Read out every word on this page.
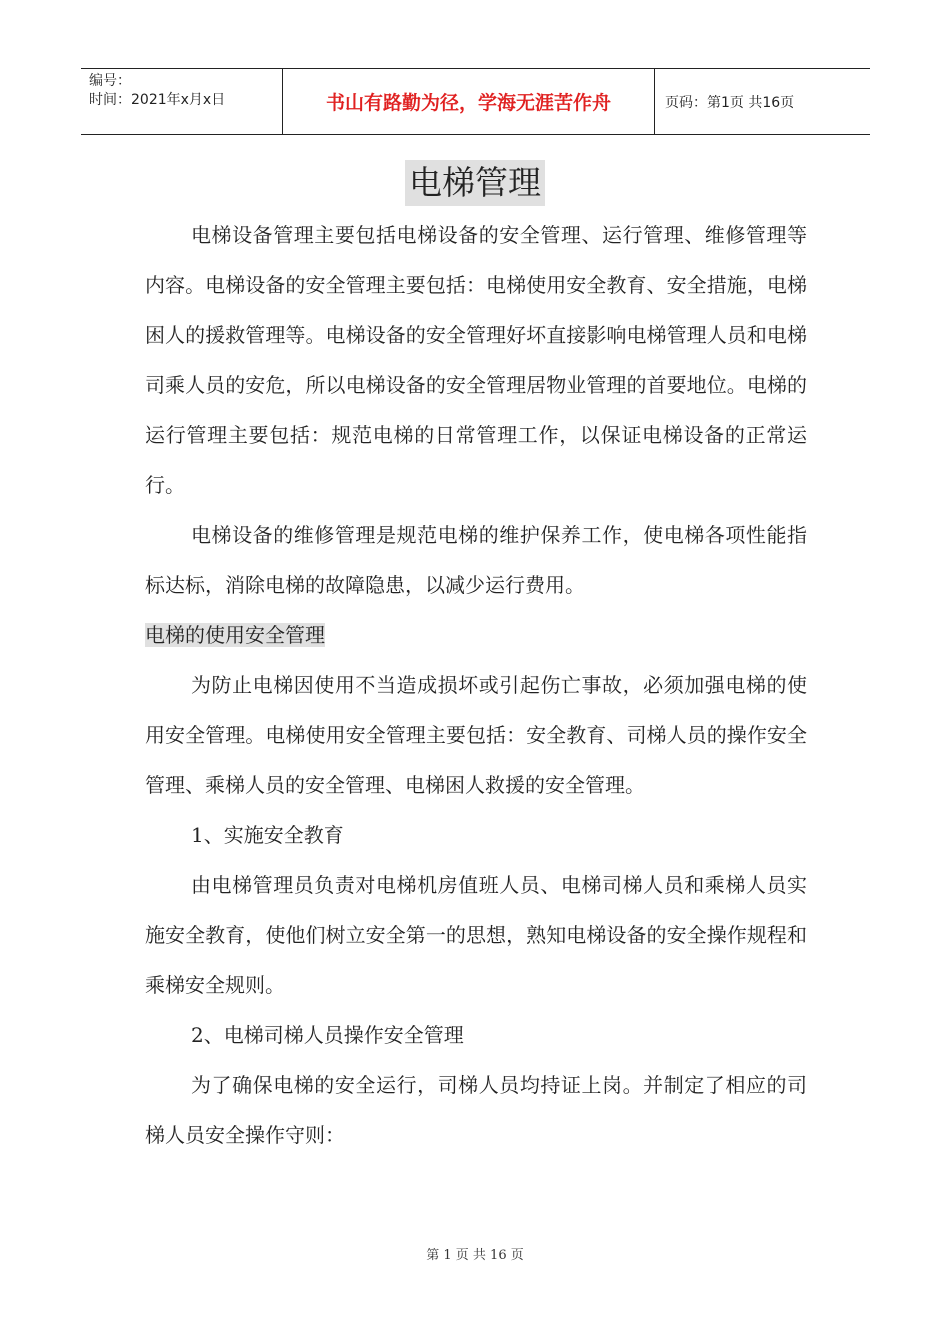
编号：
时间：2021年x月x日	书山有路勤为径，学海无涯苦作舟	页码：第1页 共16页
电梯管理

电梯设备管理主要包括电梯设备的安全管理、运行管理、维修管理等内容。电梯设备的安全管理主要包括：电梯使用安全教育、安全措施，电梯困人的援救管理等。电梯设备的安全管理好坏直接影响电梯管理人员和电梯司乘人员的安危，所以电梯设备的安全管理居物业管理的首要地位。电梯的运行管理主要包括：规范电梯的日常管理工作，以保证电梯设备的正常运行。

电梯设备的维修管理是规范电梯的维护保养工作，使电梯各项性能指标达标，消除电梯的故障隐患，以减少运行费用。

电梯的使用安全管理

为防止电梯因使用不当造成损坏或引起伤亡事故，必须加强电梯的使用安全管理。电梯使用安全管理主要包括：安全教育、司梯人员的操作安全管理、乘梯人员的安全管理、电梯困人救援的安全管理。

1、实施安全教育

由电梯管理员负责对电梯机房值班人员、电梯司梯人员和乘梯人员实施安全教育，使他们树立安全第一的思想，熟知电梯设备的安全操作规程和乘梯安全规则。

2、电梯司梯人员操作安全管理

为了确保电梯的安全运行，司梯人员均持证上岗。并制定了相应的司梯人员安全操作守则：

第 1 页 共 16 页
